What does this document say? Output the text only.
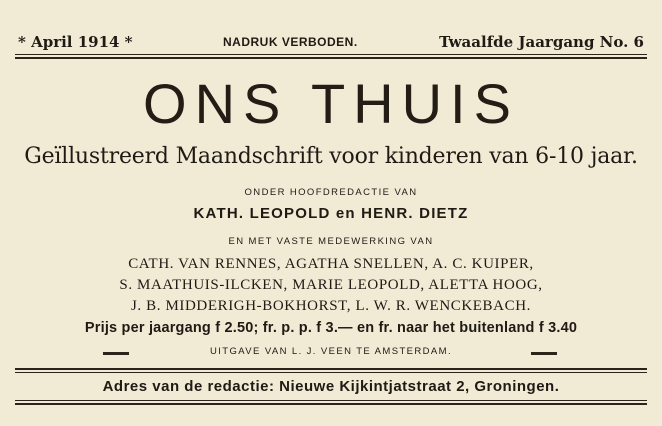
* April 1914 *	NADRUK VERBODEN.	Twaalfde Jaargang No. 6
ONS THUIS
Geïllustreerd Maandschrift voor kinderen van 6-10 jaar.
ONDER HOOFDREDACTIE VAN
KATH. LEOPOLD en HENR. DIETZ
EN MET VASTE MEDEWERKING VAN
CATH. VAN RENNES, AGATHA SNELLEN, A. C. KUIPER,
S. MAATHUIS-ILCKEN, MARIE LEOPOLD, ALETTA HOOG,
J. B. MIDDERIGH-BOKHORST, L. W. R. WENCKEBACH.
Prijs per jaargang f 2.50; fr. p. p. f 3.— en fr. naar het buitenland f 3.40
UITGAVE VAN L. J. VEEN TE AMSTERDAM.
Adres van de redactie: Nieuwe Kijkintjatstraat 2, Groningen.
